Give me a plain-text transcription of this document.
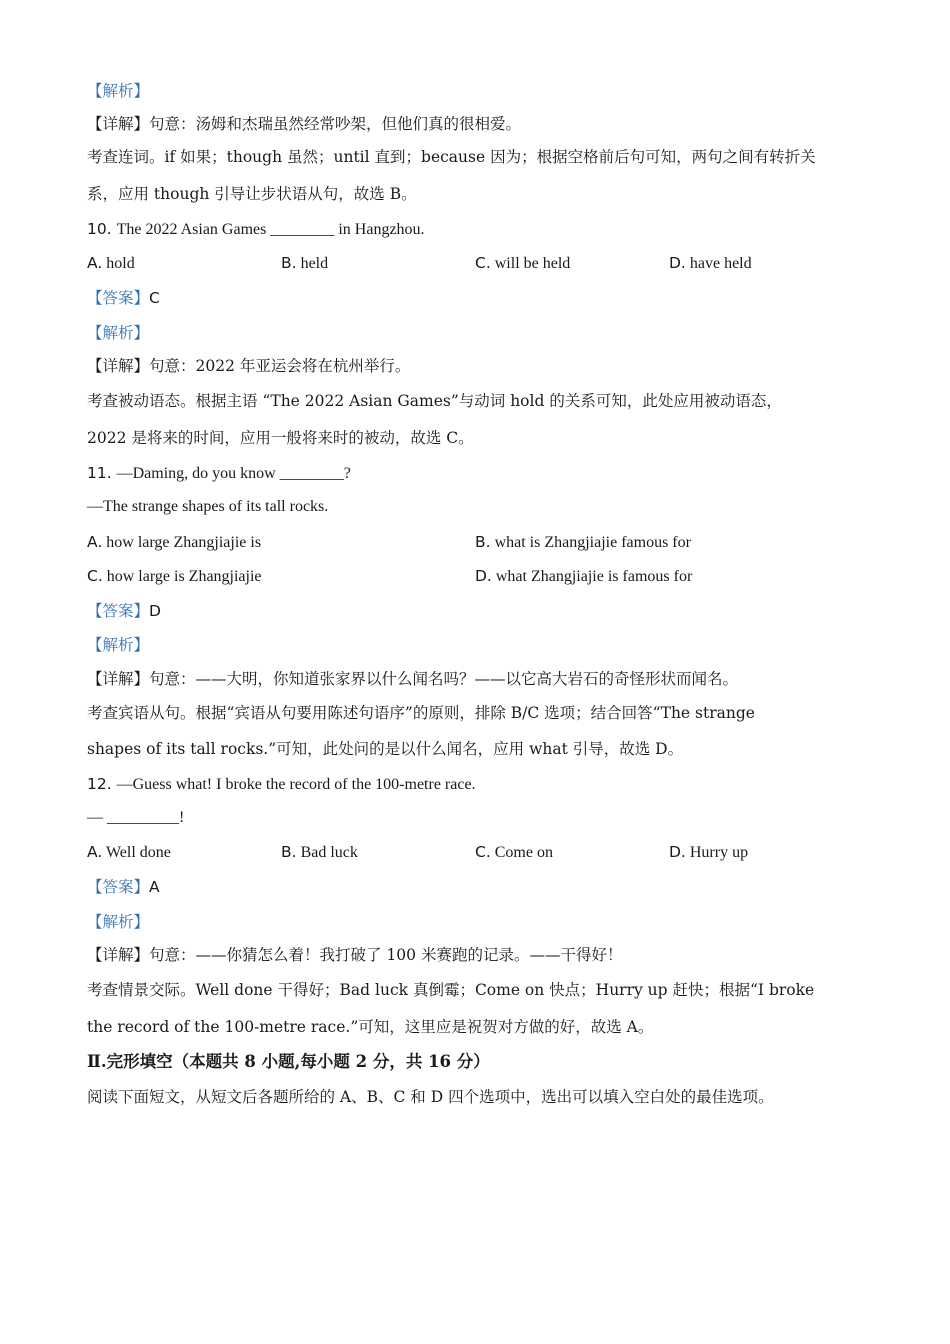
【解析】
【详解】句意：汤姆和杰瑞虽然经常吵架，但他们真的很相爱。
考查连词。if 如果；though 虽然；until 直到；because 因为；根据空格前后句可知，两句之间有转折关
系，应用 though 引导让步状语从句，故选 B。
10. The 2022 Asian Games ________ in Hangzhou.
A. hold	B. held	C. will be held	D. have held
【答案】C
【解析】
【详解】句意：2022 年亚运会将在杭州举行。
考查被动语态。根据主语 “The 2022 Asian Games”与动词 hold 的关系可知，此处应用被动语态，
2022 是将来的时间，应用一般将来时的被动，故选 C。
11. —Daming, do you know ________?
—The strange shapes of its tall rocks.
A. how large Zhangjiajie is	B. what is Zhangjiajie famous for
C. how large is Zhangjiajie	D. what Zhangjiajie is famous for
【答案】D
【解析】
【详解】句意：——大明，你知道张家界以什么闻名吗？——以它高大岩石的奇怪形状而闻名。
考查宾语从句。根据“宾语从句要用陈述句语序”的原则，排除 B/C 选项；结合回答“The strange
shapes of its tall rocks.”可知，此处问的是以什么闻名，应用 what 引导，故选 D。
12. —Guess what! I broke the record of the 100-metre race.
— _________!
A. Well done	B. Bad luck	C. Come on	D. Hurry up
【答案】A
【解析】
【详解】句意：——你猜怎么着！我打破了 100 米赛跑的记录。——干得好！
考查情景交际。Well done 干得好；Bad luck 真倒霉；Come on 快点；Hurry up 赶快；根据“I broke
the record of the 100-metre race.”可知，这里应是祝贺对方做的好，故选 A。
Ⅱ.完形填空（本题共 8 小题,每小题 2 分，共 16 分）
阅读下面短文，从短文后各题所给的 A、B、C 和 D 四个选项中，选出可以填入空白处的最佳选项。
